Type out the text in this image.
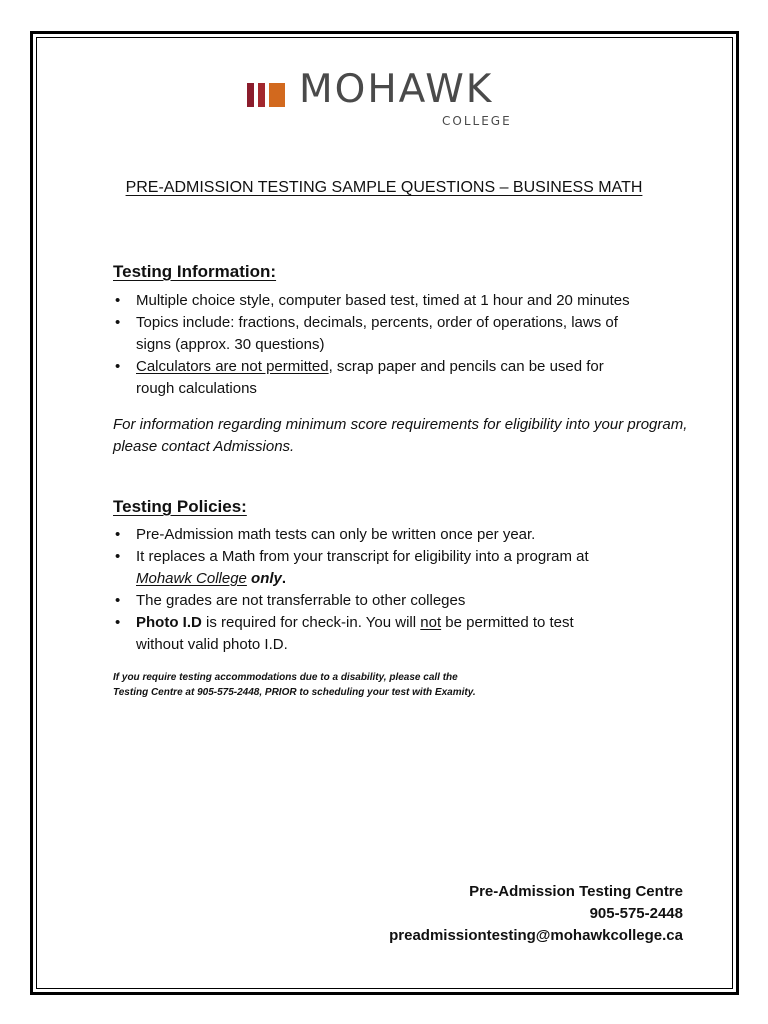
MOHAWK
COLLEGE
PRE-ADMISSION TESTING SAMPLE QUESTIONS – BUSINESS MATH
Testing Information:
• Multiple choice style, computer based test, timed at 1 hour and 20 minutes
• Topics include: fractions, decimals, percents, order of operations, laws of signs (approx. 30 questions)
• Calculators are not permitted, scrap paper and pencils can be used for rough calculations

For information regarding minimum score requirements for eligibility into your program, please contact Admissions.

Testing Policies:
• Pre-Admission math tests can only be written once per year.
• It replaces a Math from your transcript for eligibility into a program at Mohawk College only.
• The grades are not transferrable to other colleges
• Photo I.D is required for check-in. You will not be permitted to test without valid photo I.D.
If you require testing accommodations due to a disability, please call the
Testing Centre at 905-575-2448, PRIOR to scheduling your test with Examity.
Pre-Admission Testing Centre
905-575-2448
preadmissiontesting@mohawkcollege.ca
